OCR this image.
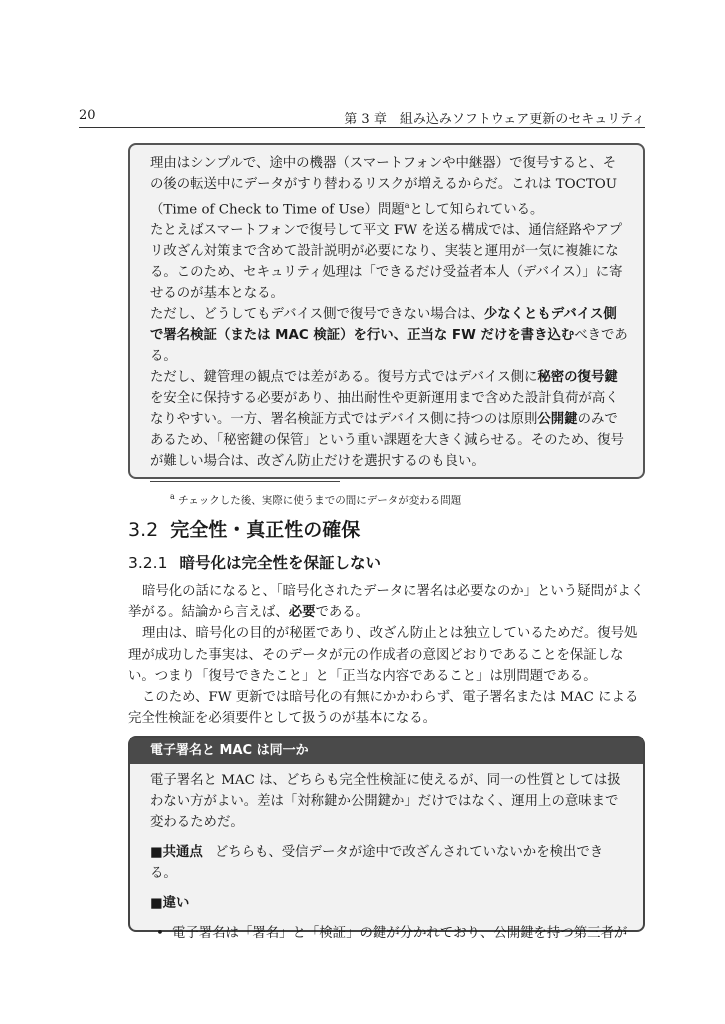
20	第 3 章　組み込みソフトウェア更新のセキュリティ

理由はシンプルで、途中の機器（スマートフォンや中継器）で復号すると、その後の転送中にデータがすり替わるリスクが増えるからだ。これは TOCTOU（Time of Check to Time of Use）問題$^a$として知られている。

たとえばスマートフォンで復号して平文 FW を送る構成では、通信経路やアプリ改ざん対策まで含めて設計説明が必要になり、実装と運用が一気に複雑になる。このため、セキュリティ処理は「できるだけ受益者本人（デバイス）」に寄せるのが基本となる。

ただし、どうしてもデバイス側で復号できない場合は、少なくともデバイス側で署名検証（または MAC 検証）を行い、正当な FW だけを書き込むべきである。

ただし、鍵管理の観点では差がある。復号方式ではデバイス側に秘密の復号鍵を安全に保持する必要があり、抽出耐性や更新運用まで含めた設計負荷が高くなりやすい。一方、署名検証方式ではデバイス側に持つのは原則公開鍵のみであるため、「秘密鍵の保管」という重い課題を大きく減らせる。そのため、復号が難しい場合は、改ざん防止だけを選択するのも良い。

$^a$ チェックした後、実際に使うまでの間にデータが変わる問題
3.2 完全性・真正性の確保
3.2.1 暗号化は完全性を保証しない

暗号化の話になると、「暗号化されたデータに署名は必要なのか」という疑問がよく挙がる。結論から言えば、必要である。

理由は、暗号化の目的が秘匿であり、改ざん防止とは独立しているためだ。復号処理が成功した事実は、そのデータが元の作成者の意図どおりであることを保証しない。つまり「復号できたこと」と「正当な内容であること」は別問題である。

このため、FW 更新では暗号化の有無にかかわらず、電子署名または MAC による完全性検証を必須要件として扱うのが基本になる。

電子署名と MAC は同一か

電子署名と MAC は、どちらも完全性検証に使えるが、同一の性質としては扱わない方がよい。差は「対称鍵か公開鍵か」だけではなく、運用上の意味まで変わるためだ。

■共通点 どちらも、受信データが途中で改ざんされていないかを検出できる。
■違い
• 電子署名は「署名」と「検証」の鍵が分かれており、公開鍵を持つ第三者が
